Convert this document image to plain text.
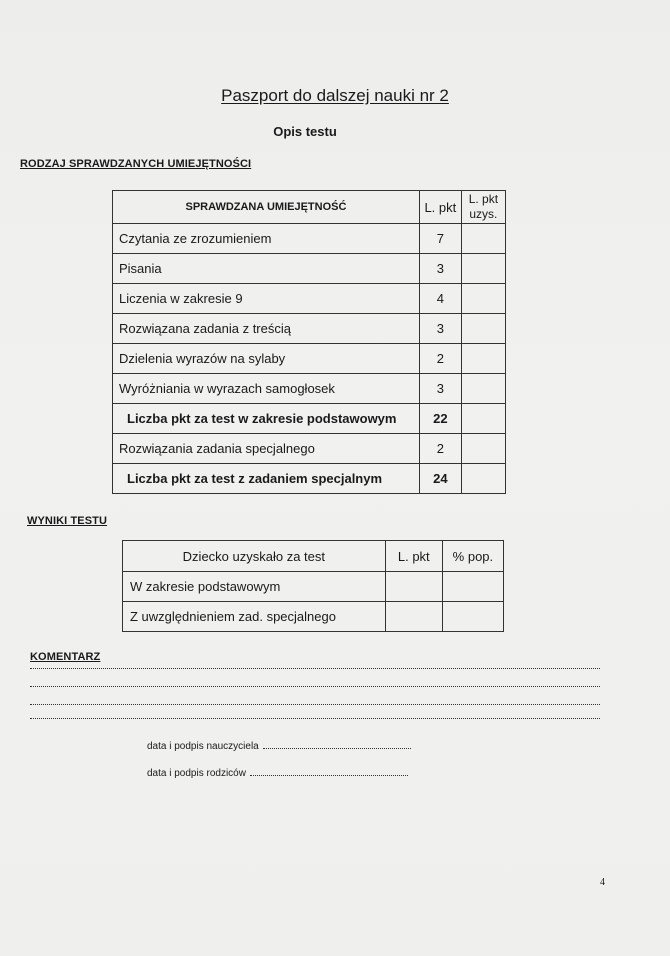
Paszport do dalszej nauki nr 2
Opis testu
RODZAJ SPRAWDZANYCH UMIEJĘTNOŚCI
SPRAWDZANA UMIEJĘTNOŚĆ	L. pkt	L. pkt uzys.
Czytania ze zrozumieniem	7	
Pisania	3	
Liczenia w zakresie 9	4	
Rozwiązana zadania z treścią	3	
Dzielenia wyrazów na sylaby	2	
Wyróżniania w wyrazach samogłosek	3	
Liczba pkt za test w zakresie podstawowym	22	
Rozwiązania zadania specjalnego	2	
Liczba pkt za test z zadaniem specjalnym	24	
WYNIKI TESTU
Dziecko uzyskało za test	L. pkt	% pop.
W zakresie podstawowym		
Z uwzględnieniem zad. specjalnego		
KOMENTARZ
data i podpis nauczyciela
data i podpis rodziców
4
